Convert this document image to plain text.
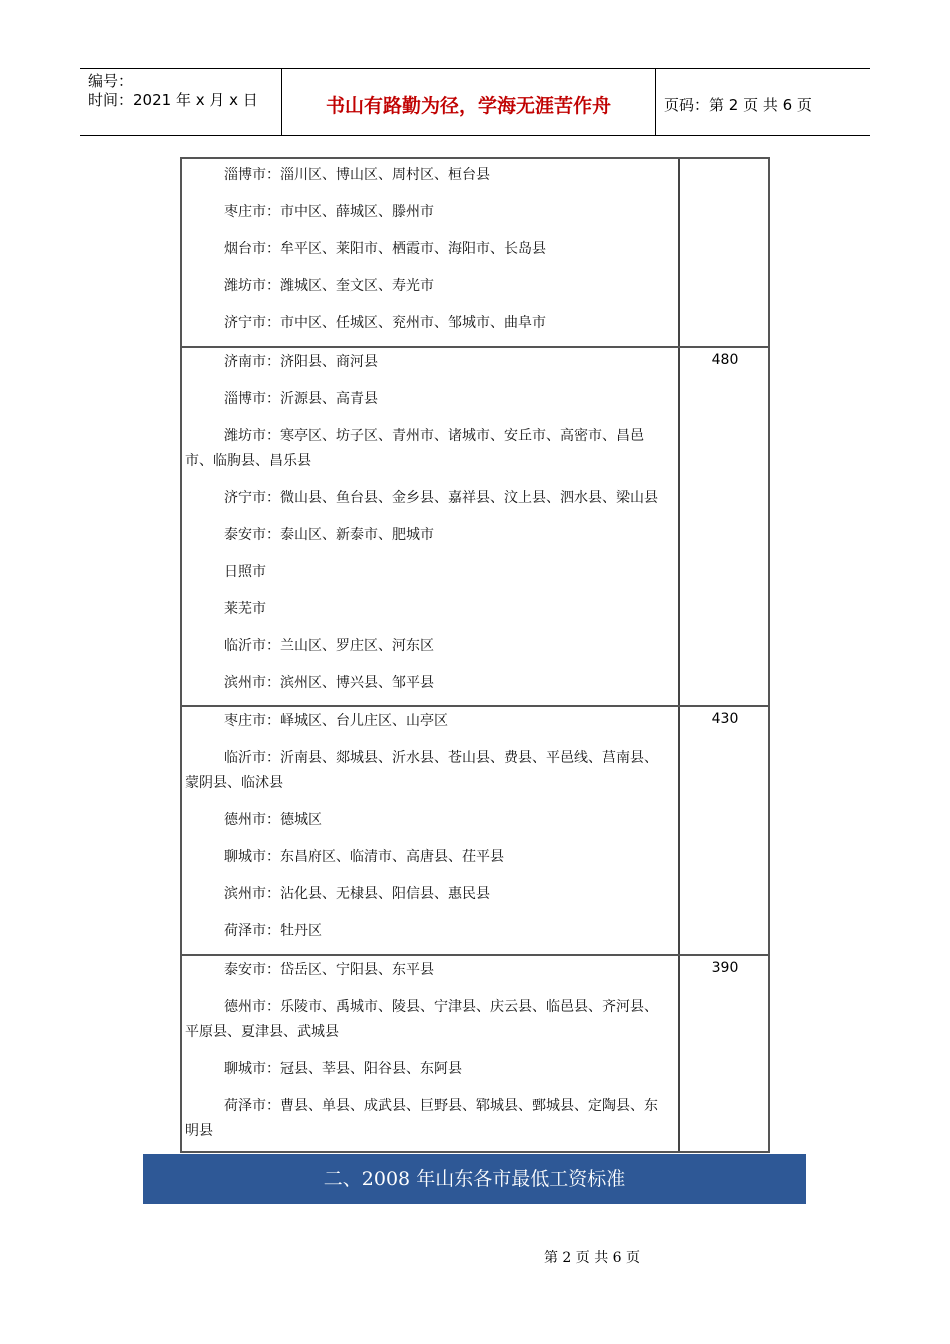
编号：
时间：2021 年 x 月 x 日	书山有路勤为径，学海无涯苦作舟	页码：第 2 页 共 6 页

淄博市：淄川区、博山区、周村区、桓台县

枣庄市：市中区、薛城区、滕州市

烟台市：牟平区、莱阳市、栖霞市、海阳市、长岛县

潍坊市：潍城区、奎文区、寿光市

济宁市：市中区、任城区、兖州市、邹城市、曲阜市

济南市：济阳县、商河县

淄博市：沂源县、高青县

潍坊市：寒亭区、坊子区、青州市、诸城市、安丘市、高密市、昌邑

市、临朐县、昌乐县

济宁市：微山县、鱼台县、金乡县、嘉祥县、汶上县、泗水县、梁山县

泰安市：泰山区、新泰市、肥城市

日照市

莱芜市

临沂市：兰山区、罗庄区、河东区

滨州市：滨州区、博兴县、邹平县

480

枣庄市：峄城区、台儿庄区、山亭区

临沂市：沂南县、郯城县、沂水县、苍山县、费县、平邑线、莒南县、

蒙阴县、临沭县

德州市：德城区

聊城市：东昌府区、临清市、高唐县、茌平县

滨州市：沾化县、无棣县、阳信县、惠民县

荷泽市：牡丹区

430

泰安市：岱岳区、宁阳县、东平县

德州市：乐陵市、禹城市、陵县、宁津县、庆云县、临邑县、齐河县、

平原县、夏津县、武城县

聊城市：冠县、莘县、阳谷县、东阿县

荷泽市：曹县、单县、成武县、巨野县、郓城县、鄄城县、定陶县、东

明县

390
二、2008 年山东各市最低工资标准
第 2 页 共 6 页
